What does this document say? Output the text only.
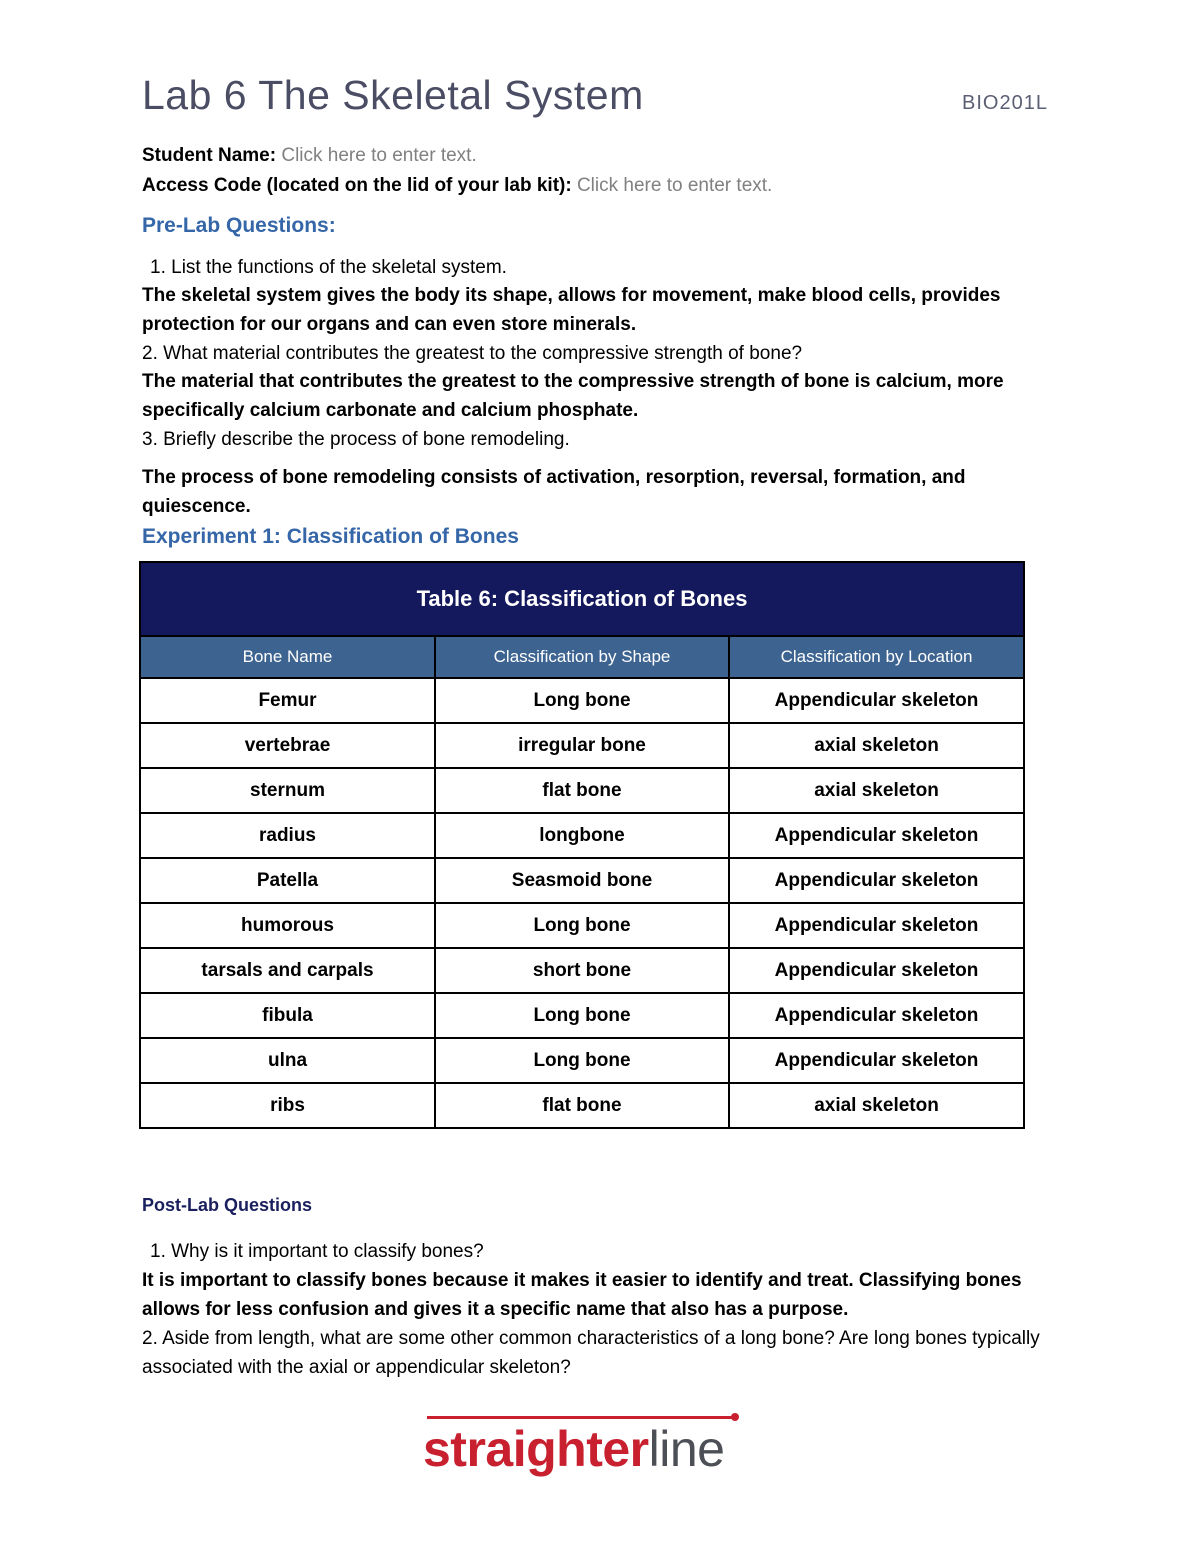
Lab 6 The Skeletal System	BIO201L
Student Name: Click here to enter text.
Access Code (located on the lid of your lab kit): Click here to enter text.
Pre-Lab Questions:
1. List the functions of the skeletal system.
The skeletal system gives the body its shape, allows for movement, make blood cells, provides protection for our organs and can even store minerals.
2. What material contributes the greatest to the compressive strength of bone?
The material that contributes the greatest to the compressive strength of bone is calcium, more specifically calcium carbonate and calcium phosphate.
3. Briefly describe the process of bone remodeling.
The process of bone remodeling consists of activation, resorption, reversal, formation, and quiescence.
Experiment 1: Classification of Bones
Table 6: Classification of Bones		
Bone Name	Classification by Shape	Classification by Location
Femur	Long bone	Appendicular skeleton
vertebrae	irregular bone	axial skeleton
sternum	flat bone	axial skeleton
radius	longbone	Appendicular skeleton
Patella	Seasmoid bone	Appendicular skeleton
humorous	Long bone	Appendicular skeleton
tarsals and carpals	short bone	Appendicular skeleton
fibula	Long bone	Appendicular skeleton
ulna	Long bone	Appendicular skeleton
ribs	flat bone	axial skeleton
Post-Lab Questions
1. Why is it important to classify bones?
It is important to classify bones because it makes it easier to identify and treat. Classifying bones allows for less confusion and gives it a specific name that also has a purpose.
2. Aside from length, what are some other common characteristics of a long bone? Are long bones typically associated with the axial or appendicular skeleton?
straighterline
